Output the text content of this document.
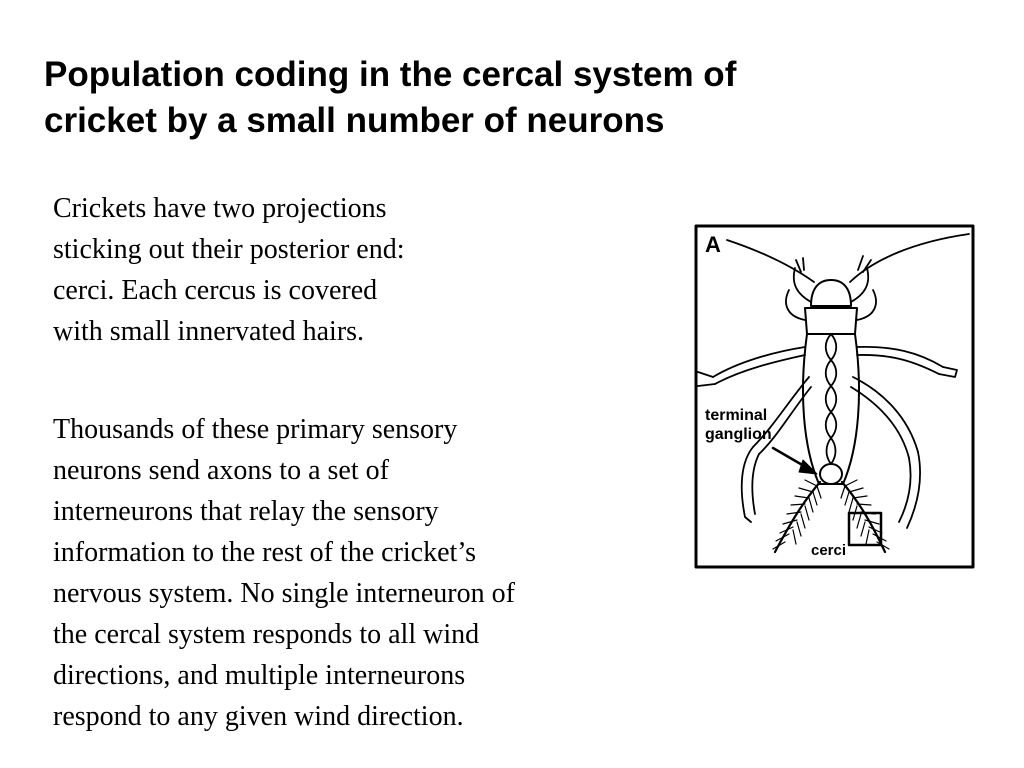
Population coding in the cercal system of
cricket by a small number of neurons

Crickets have two projections
sticking out their posterior end:
cerci. Each cercus is covered
with small innervated hairs.

Thousands of these primary sensory
neurons send axons to a set of
interneurons that relay the sensory
information to the rest of the cricket’s
nervous system. No single interneuron of
the cercal system responds to all wind
directions, and multiple interneurons
respond to any given wind direction.

A
terminal
ganglion
cerci
